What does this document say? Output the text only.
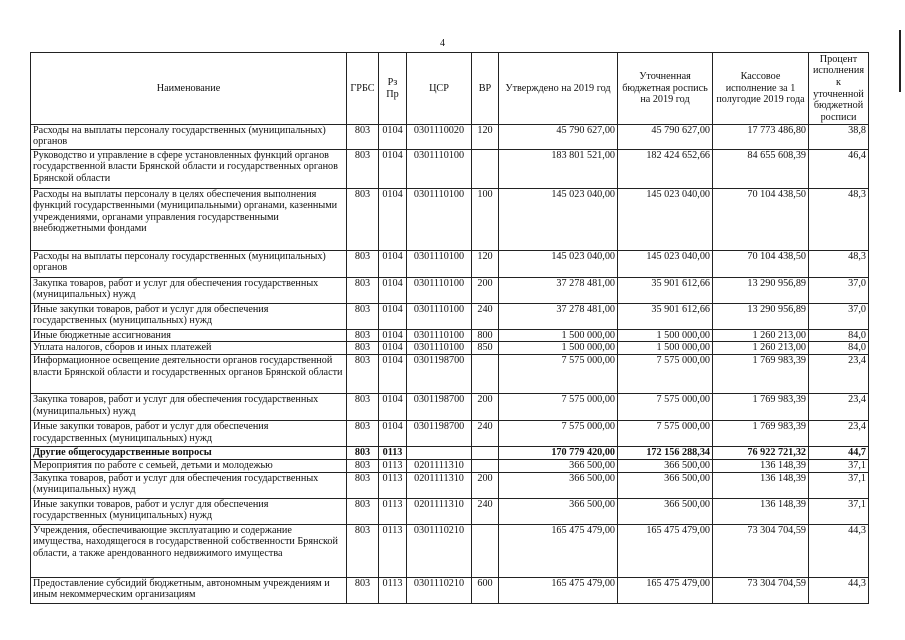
4
Наименование	ГРБС	Рз Пр	ЦСР	ВР	Утверждено на 2019 год	Уточненная бюджетная роспись на 2019 год	Кассовое исполнение за 1 полугодие 2019 года	Процент исполнения к уточненной бюджетной росписи
Расходы на выплаты персоналу государственных (муниципальных) органов	803	0104	0301110020	120	45 790 627,00	45 790 627,00	17 773 486,80	38,8
Руководство и управление в сфере установленных функций органов государственной власти Брянской области и государственных органов Брянской области	803	0104	0301110100		183 801 521,00	182 424 652,66	84 655 608,39	46,4
Расходы на выплаты персоналу в целях обеспечения выполнения функций государственными (муниципальными) органами, казенными учреждениями, органами управления государственными внебюджетными фондами	803	0104	0301110100	100	145 023 040,00	145 023 040,00	70 104 438,50	48,3
Расходы на выплаты персоналу государственных (муниципальных) органов	803	0104	0301110100	120	145 023 040,00	145 023 040,00	70 104 438,50	48,3
Закупка товаров, работ и услуг для обеспечения государственных (муниципальных) нужд	803	0104	0301110100	200	37 278 481,00	35 901 612,66	13 290 956,89	37,0
Иные закупки товаров, работ и услуг для обеспечения государственных (муниципальных) нужд	803	0104	0301110100	240	37 278 481,00	35 901 612,66	13 290 956,89	37,0
Иные бюджетные ассигнования	803	0104	0301110100	800	1 500 000,00	1 500 000,00	1 260 213,00	84,0
Уплата налогов, сборов и иных платежей	803	0104	0301110100	850	1 500 000,00	1 500 000,00	1 260 213,00	84,0
Информационное освещение деятельности органов государственной власти Брянской области и государственных органов Брянской области	803	0104	0301198700		7 575 000,00	7 575 000,00	1 769 983,39	23,4
Закупка товаров, работ и услуг для обеспечения государственных (муниципальных) нужд	803	0104	0301198700	200	7 575 000,00	7 575 000,00	1 769 983,39	23,4
Иные закупки товаров, работ и услуг для обеспечения государственных (муниципальных) нужд	803	0104	0301198700	240	7 575 000,00	7 575 000,00	1 769 983,39	23,4
Другие общегосударственные вопросы	803	0113			170 779 420,00	172 156 288,34	76 922 721,32	44,7
Мероприятия по работе с семьей, детьми и молодежью	803	0113	0201111310		366 500,00	366 500,00	136 148,39	37,1
Закупка товаров, работ и услуг для обеспечения государственных (муниципальных) нужд	803	0113	0201111310	200	366 500,00	366 500,00	136 148,39	37,1
Иные закупки товаров, работ и услуг для обеспечения государственных (муниципальных) нужд	803	0113	0201111310	240	366 500,00	366 500,00	136 148,39	37,1
Учреждения, обеспечивающие эксплуатацию и содержание имущества, находящегося в государственной собственности Брянской области, а также арендованного недвижимого имущества	803	0113	0301110210		165 475 479,00	165 475 479,00	73 304 704,59	44,3
Предоставление субсидий бюджетным, автономным учреждениям и иным некоммерческим организациям	803	0113	0301110210	600	165 475 479,00	165 475 479,00	73 304 704,59	44,3
